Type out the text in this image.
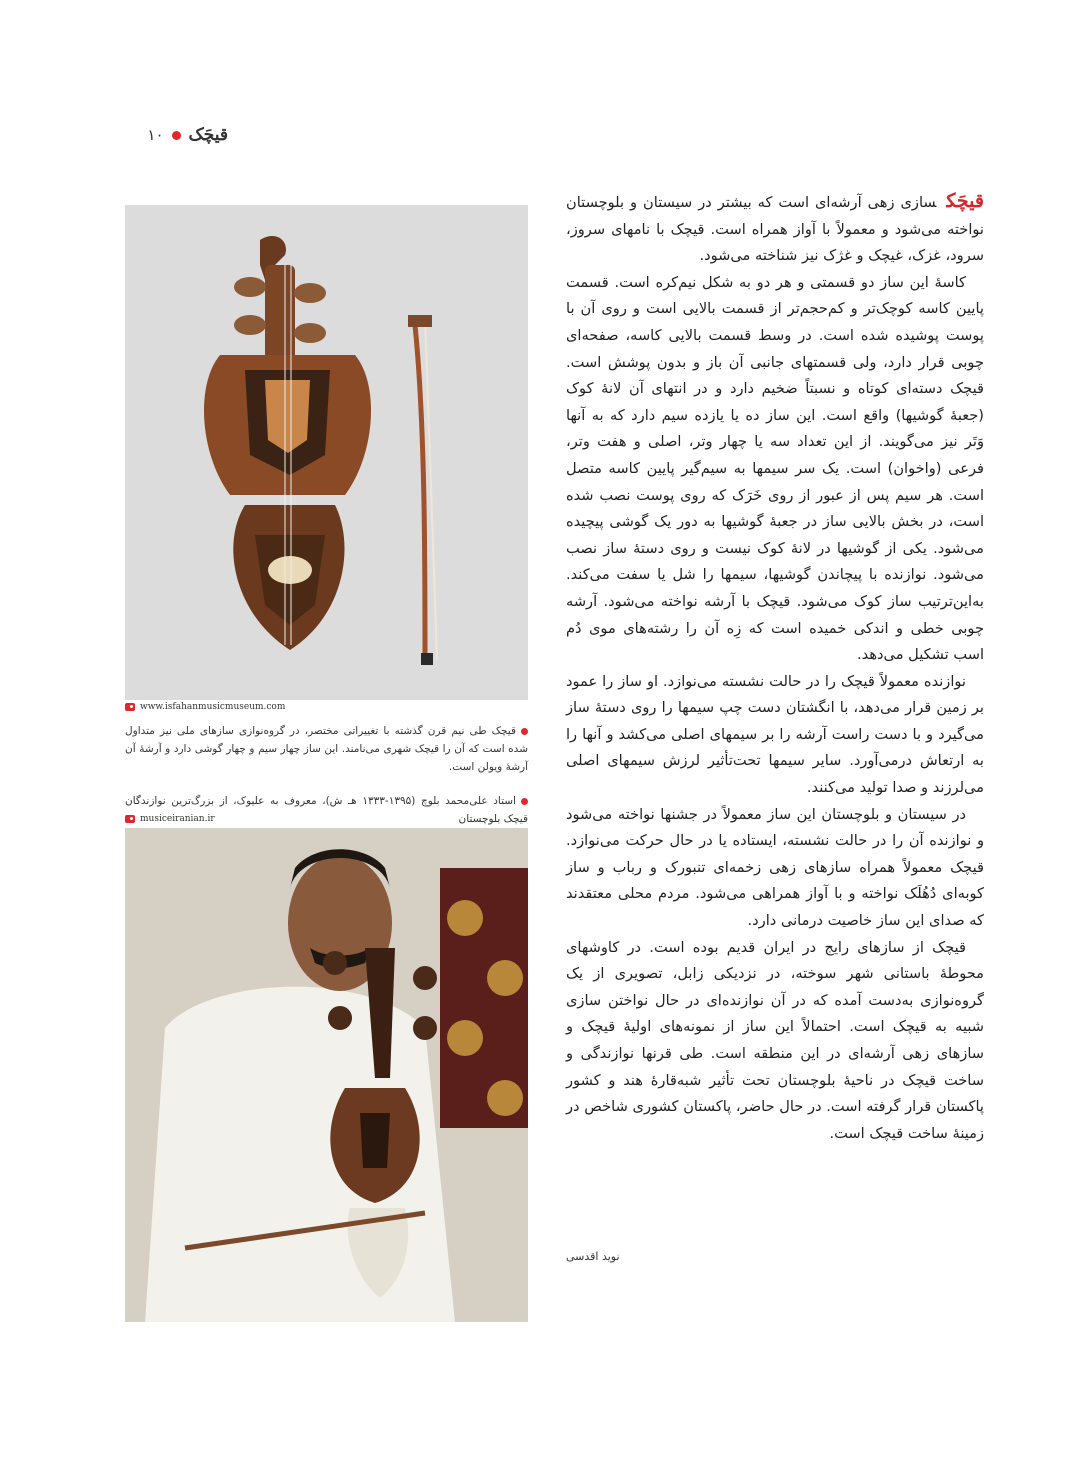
قیچَک
۱۰
www.isfahanmusicmuseum.com
قیچک طی نیم قرن گذشته با تغییراتی مختصر، در گروه‌نوازی سازهای ملی نیز متداول شده است که آن را قیچک شهری می‌نامند. این ساز چهار سیم و چهار گوشی دارد و آرشهٔ آن آرشهٔ ویولن است.
استاد علی‌محمد بلوچ (۱۳۹۵-۱۳۳۳ هـ ش)، معروف به علیوک، از بزرگ‌ترین نوازندگان قیچک بلوچستان
musiceiranian.ir

قیچَکسازی زهی آرشه‌ای است که بیشتر در سیستان و بلوچستان نواخته می‌شود و معمولاً با آواز همراه است. قیچک با نامهای سروز، سرود، غزک، غیچک و غژک نیز شناخته می‌شود.

کاسهٔ این ساز دو قسمتی و هر دو به شکل نیم‌کره است. قسمت پایین کاسه کوچک‌تر و کم‌حجم‌تر از قسمت بالایی است و روی آن با پوست پوشیده شده است. در وسط قسمت بالایی کاسه، صفحه‌ای چوبی قرار دارد، ولی قسمتهای جانبی آن باز و بدون پوشش است. قیچک دسته‌ای کوتاه و نسبتاً ضخیم دارد و در انتهای آن لانهٔ کوک (جعبهٔ گوشیها) واقع است. این ساز ده یا یازده سیم دارد که به آنها وَتَر نیز می‌گویند. از این تعداد سه یا چهار وتر، اصلی و هفت وتر، فرعی (واخوان) است. یک سر سیمها به سیم‌گیر پایین کاسه متصل است. هر سیم پس از عبور از روی خَرَک که روی پوست نصب شده است، در بخش بالایی ساز در جعبهٔ گوشیها به دور یک گوشی پیچیده می‌شود. یکی از گوشیها در لانهٔ کوک نیست و روی دستهٔ ساز نصب می‌شود. نوازنده با پیچاندن گوشیها، سیمها را شل یا سفت می‌کند. به‌این‌ترتیب ساز کوک می‌شود. قیچک با آرشه نواخته می‌شود. آرشه چوبی خطی و اندکی خمیده است که زِه آن را رشته‌های موی دُم اسب تشکیل می‌دهد.

نوازنده معمولاً قیچک را در حالت نشسته می‌نوازد. او ساز را عمود بر زمین قرار می‌دهد، با انگشتان دست چپ سیمها را روی دستهٔ ساز می‌گیرد و با دست راست آرشه را بر سیمهای اصلی می‌کشد و آنها را به ارتعاش درمی‌آورد. سایر سیمها تحت‌تأثیر لرزش سیمهای اصلی می‌لرزند و صدا تولید می‌کنند.

در سیستان و بلوچستان این ساز معمولاً در جشنها نواخته می‌شود و نوازنده آن را در حالت نشسته، ایستاده یا در حال حرکت می‌نوازد. قیچک معمولاً همراه سازهای زهی زخمه‌ای تنبورک و رباب و ساز کوبه‌ای دُهُلَک نواخته و با آواز همراهی می‌شود. مردم محلی معتقدند که صدای این ساز خاصیت درمانی دارد.

قیچک از سازهای رایج در ایران قدیم بوده است. در کاوشهای محوطهٔ باستانی شهر سوخته، در نزدیکی زابل، تصویری از یک گروه‌نوازی به‌دست آمده که در آن نوازنده‌ای در حال نواختن سازی شبیه به قیچک است. احتمالاً این ساز از نمونه‌های اولیهٔ قیچک و سازهای زهی آرشه‌ای در این منطقه است. طی قرنها نوازندگی و ساخت قیچک در ناحیهٔ بلوچستان تحت تأثیر شبه‌قارهٔ هند و کشور پاکستان قرار گرفته است. در حال حاضر، پاکستان کشوری شاخص در زمینهٔ ساخت قیچک است.

نوید اقدسی
